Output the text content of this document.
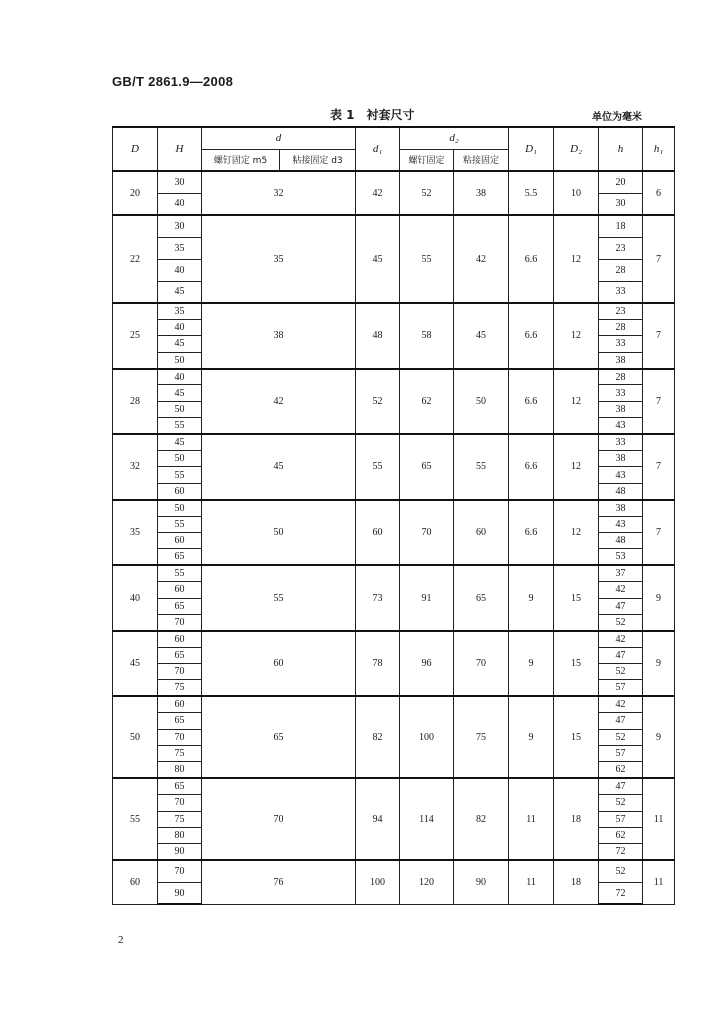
GB/T 2861.9—2008
表 1　衬套尺寸	单位为毫米
D	H	d		d₁	d₂		D₁	D₂	h	h₁
		螺钉固定 m5	粘接固定 d3		螺钉固定	粘接固定				
20	30	32		42	52	38	5.5	10	20	6
	40								30	
22	30	35		45	55	42	6.6	12	18	7
	35								23	
	40								28	
	45								33	
25	35	38		48	58	45	6.6	12	23	7
	40								28	
	45								33	
	50								38	
28	40	42		52	62	50	6.6	12	28	7
	45								33	
	50								38	
	55								43	
32	45	45		55	65	55	6.6	12	33	7
	50								38	
	55								43	
	60								48	
35	50	50		60	70	60	6.6	12	38	7
	55								43	
	60								48	
	65								53	
40	55	55		73	91	65	9	15	37	9
	60								42	
	65								47	
	70								52	
45	60	60		78	96	70	9	15	42	9
	65								47	
	70								52	
	75								57	
50	60	65		82	100	75	9	15	42	9
	65								47	
	70								52	
	75								57	
	80								62	
55	65	70		94	114	82	11	18	47	11
	70								52	
	75								57	
	80								62	
	90								72	
60	70	76		100	120	90	11	18	52	11
	90								72	
2
